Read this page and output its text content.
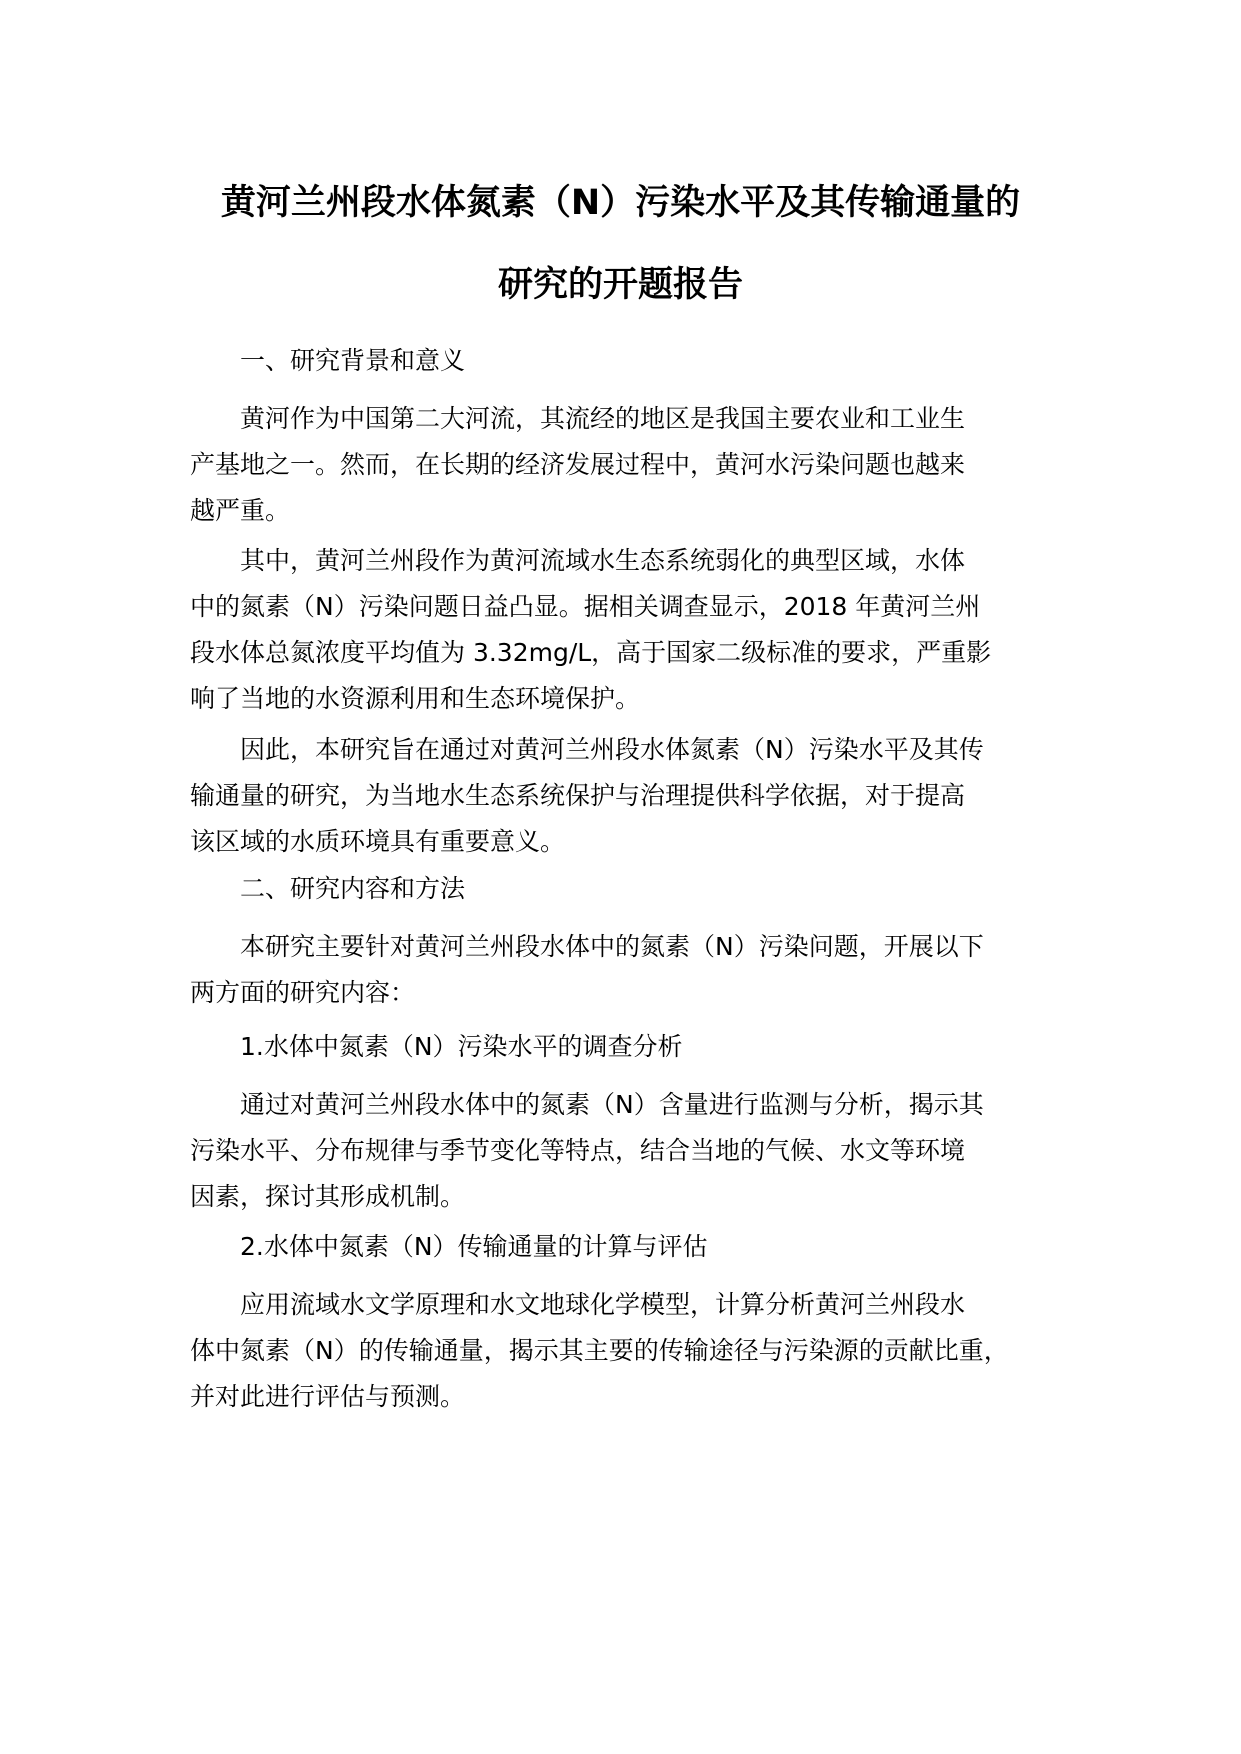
黄河兰州段水体氮素（N）污染水平及其传输通量的
研究的开题报告

一、研究背景和意义

黄河作为中国第二大河流，其流经的地区是我国主要农业和工业生
产基地之一。然而，在长期的经济发展过程中，黄河水污染问题也越来
越严重。
其中，黄河兰州段作为黄河流域水生态系统弱化的典型区域，水体
中的氮素（N）污染问题日益凸显。据相关调查显示，2018 年黄河兰州
段水体总氮浓度平均值为 3.32mg/L，高于国家二级标准的要求，严重影
响了当地的水资源利用和生态环境保护。
因此，本研究旨在通过对黄河兰州段水体氮素（N）污染水平及其传
输通量的研究，为当地水生态系统保护与治理提供科学依据，对于提高
该区域的水质环境具有重要意义。

二、研究内容和方法

本研究主要针对黄河兰州段水体中的氮素（N）污染问题，开展以下
两方面的研究内容：

1.水体中氮素（N）污染水平的调查分析

通过对黄河兰州段水体中的氮素（N）含量进行监测与分析，揭示其
污染水平、分布规律与季节变化等特点，结合当地的气候、水文等环境
因素，探讨其形成机制。

2.水体中氮素（N）传输通量的计算与评估

应用流域水文学原理和水文地球化学模型，计算分析黄河兰州段水
体中氮素（N）的传输通量，揭示其主要的传输途径与污染源的贡献比重，
并对此进行评估与预测。
